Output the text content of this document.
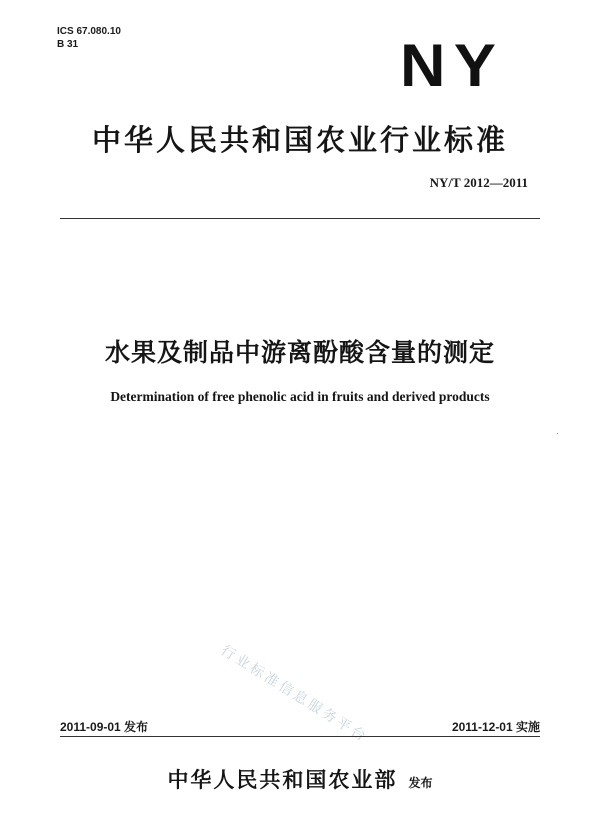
ICS 67.080.10
B 31	NY
中华人民共和国农业行业标准
NY/T 2012—2011
水果及制品中游离酚酸含量的测定
Determination of free phenolic acid in fruits and derived products
行业标准信息服务平台
2011-09-01 发布	2011-12-01 实施
中华人民共和国农业部 发布
